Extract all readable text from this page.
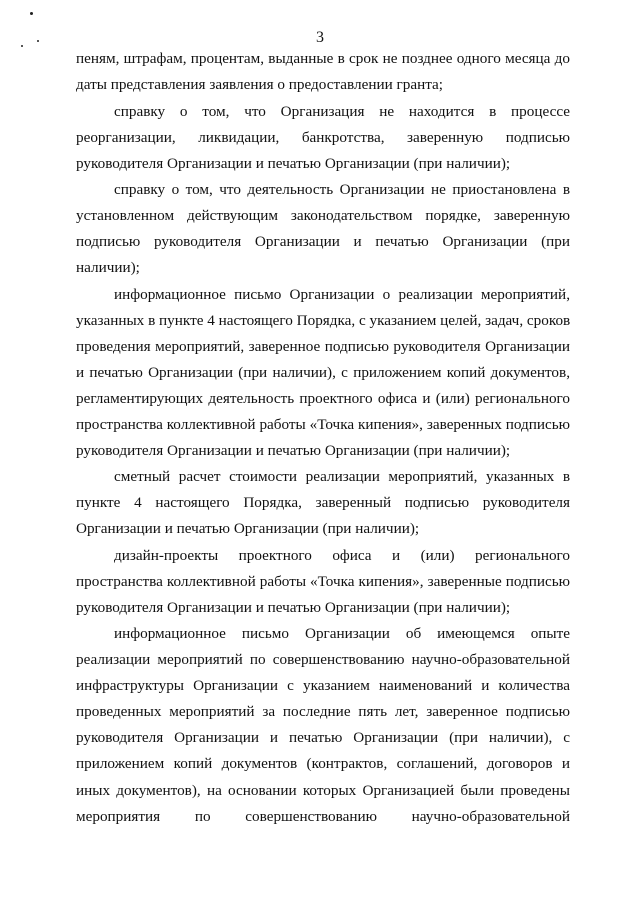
3
пеням, штрафам, процентам, выданные в срок не позднее одного месяца до
даты представления заявления о предоставлении гранта;
справку о том, что Организация не находится в процессе
реорганизации, ликвидации, банкротства, заверенную подписью
руководителя Организации и печатью Организации (при наличии);
справку о том, что деятельность Организации не приостановлена в
установленном действующим законодательством порядке, заверенную
подписью руководителя Организации и печатью Организации (при
наличии);
информационное письмо Организации о реализации мероприятий,
указанных в пункте 4 настоящего Порядка, с указанием целей, задач, сроков
проведения мероприятий, заверенное подписью руководителя Организации
и печатью Организации (при наличии), с приложением копий документов,
регламентирующих деятельность проектного офиса и (или) регионального
пространства коллективной работы «Точка кипения», заверенных подписью
руководителя Организации и печатью Организации (при наличии);
сметный расчет стоимости реализации мероприятий, указанных в
пункте 4 настоящего Порядка, заверенный подписью руководителя
Организации и печатью Организации (при наличии);
дизайн-проекты проектного офиса и (или) регионального
пространства коллективной работы «Точка кипения», заверенные подписью
руководителя Организации и печатью Организации (при наличии);
информационное письмо Организации об имеющемся опыте
реализации мероприятий по совершенствованию научно-образовательной
инфраструктуры Организации с указанием наименований и количества
проведенных мероприятий за последние пять лет, заверенное подписью
руководителя Организации и печатью Организации (при наличии), с
приложением копий документов (контрактов, соглашений, договоров и
иных документов), на основании которых Организацией были проведены
мероприятия по совершенствованию научно-образовательной
